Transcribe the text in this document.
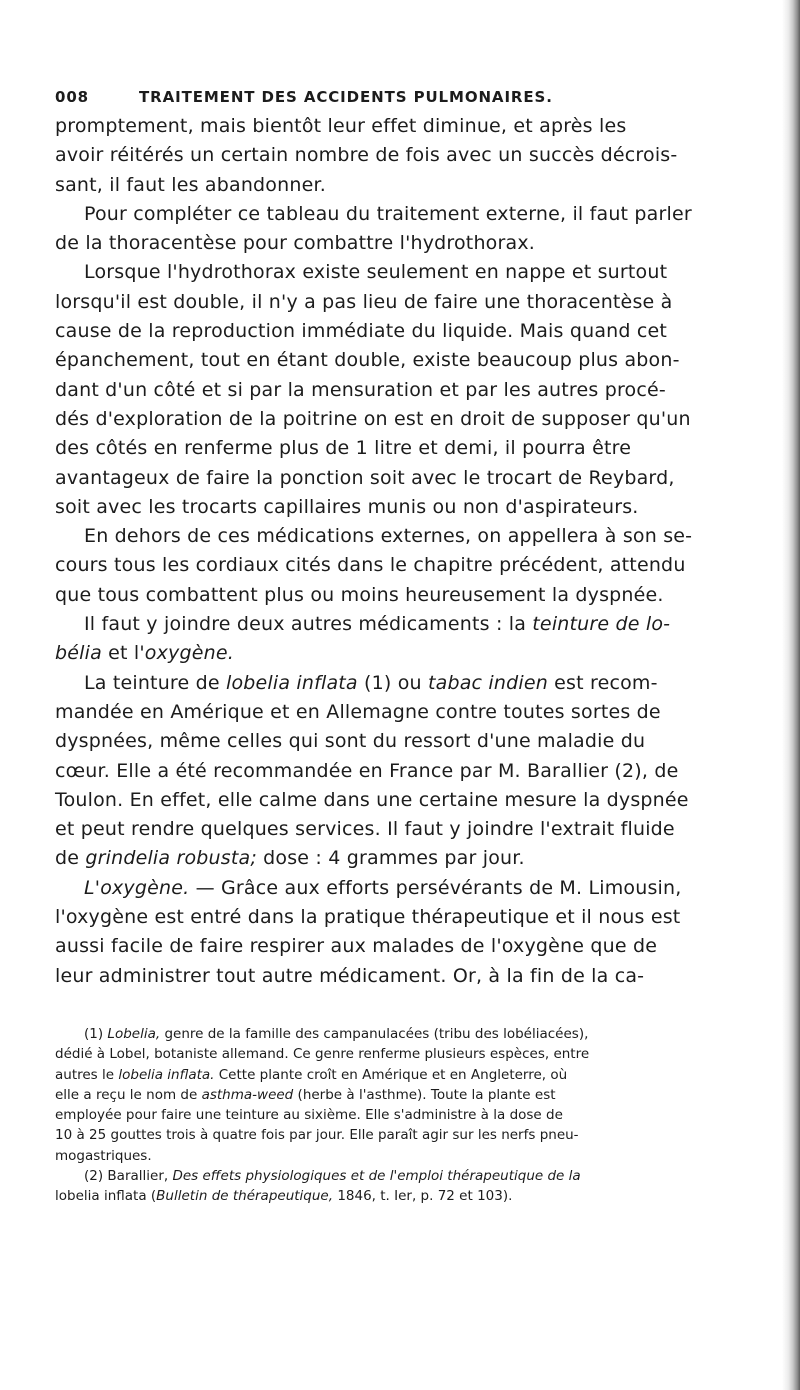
008	TRAITEMENT DES ACCIDENTS PULMONAIRES.
promptement, mais bientôt leur effet diminue, et après les
avoir réitérés un certain nombre de fois avec un succès décrois-
sant, il faut les abandonner.
Pour compléter ce tableau du traitement externe, il faut parler
de la thoracentèse pour combattre l'hydrothorax.
Lorsque l'hydrothorax existe seulement en nappe et surtout
lorsqu'il est double, il n'y a pas lieu de faire une thoracentèse à
cause de la reproduction immédiate du liquide. Mais quand cet
épanchement, tout en étant double, existe beaucoup plus abon-
dant d'un côté et si par la mensuration et par les autres procé-
dés d'exploration de la poitrine on est en droit de supposer qu'un
des côtés en renferme plus de 1 litre et demi, il pourra être
avantageux de faire la ponction soit avec le trocart de Reybard,
soit avec les trocarts capillaires munis ou non d'aspirateurs.
En dehors de ces médications externes, on appellera à son se-
cours tous les cordiaux cités dans le chapitre précédent, attendu
que tous combattent plus ou moins heureusement la dyspnée.
Il faut y joindre deux autres médicaments : la teinture de lo-
bélia et l'oxygène.
La teinture de lobelia inflata (1) ou tabac indien est recom-
mandée en Amérique et en Allemagne contre toutes sortes de
dyspnées, même celles qui sont du ressort d'une maladie du
cœur. Elle a été recommandée en France par M. Barallier (2), de
Toulon. En effet, elle calme dans une certaine mesure la dyspnée
et peut rendre quelques services. Il faut y joindre l'extrait fluide
de grindelia robusta; dose : 4 grammes par jour.
L'oxygène. — Grâce aux efforts persévérants de M. Limousin,
l'oxygène est entré dans la pratique thérapeutique et il nous est
aussi facile de faire respirer aux malades de l'oxygène que de
leur administrer tout autre médicament. Or, à la fin de la ca-
(1) Lobelia, genre de la famille des campanulacées (tribu des lobéliacées),
dédié à Lobel, botaniste allemand. Ce genre renferme plusieurs espèces, entre
autres le lobelia inflata. Cette plante croît en Amérique et en Angleterre, où
elle a reçu le nom de asthma-weed (herbe à l'asthme). Toute la plante est
employée pour faire une teinture au sixième. Elle s'administre à la dose de
10 à 25 gouttes trois à quatre fois par jour. Elle paraît agir sur les nerfs pneu-
mogastriques.
(2) Barallier, Des effets physiologiques et de l'emploi thérapeutique de la
lobelia inflata (Bulletin de thérapeutique, 1846, t. Ier, p. 72 et 103).
